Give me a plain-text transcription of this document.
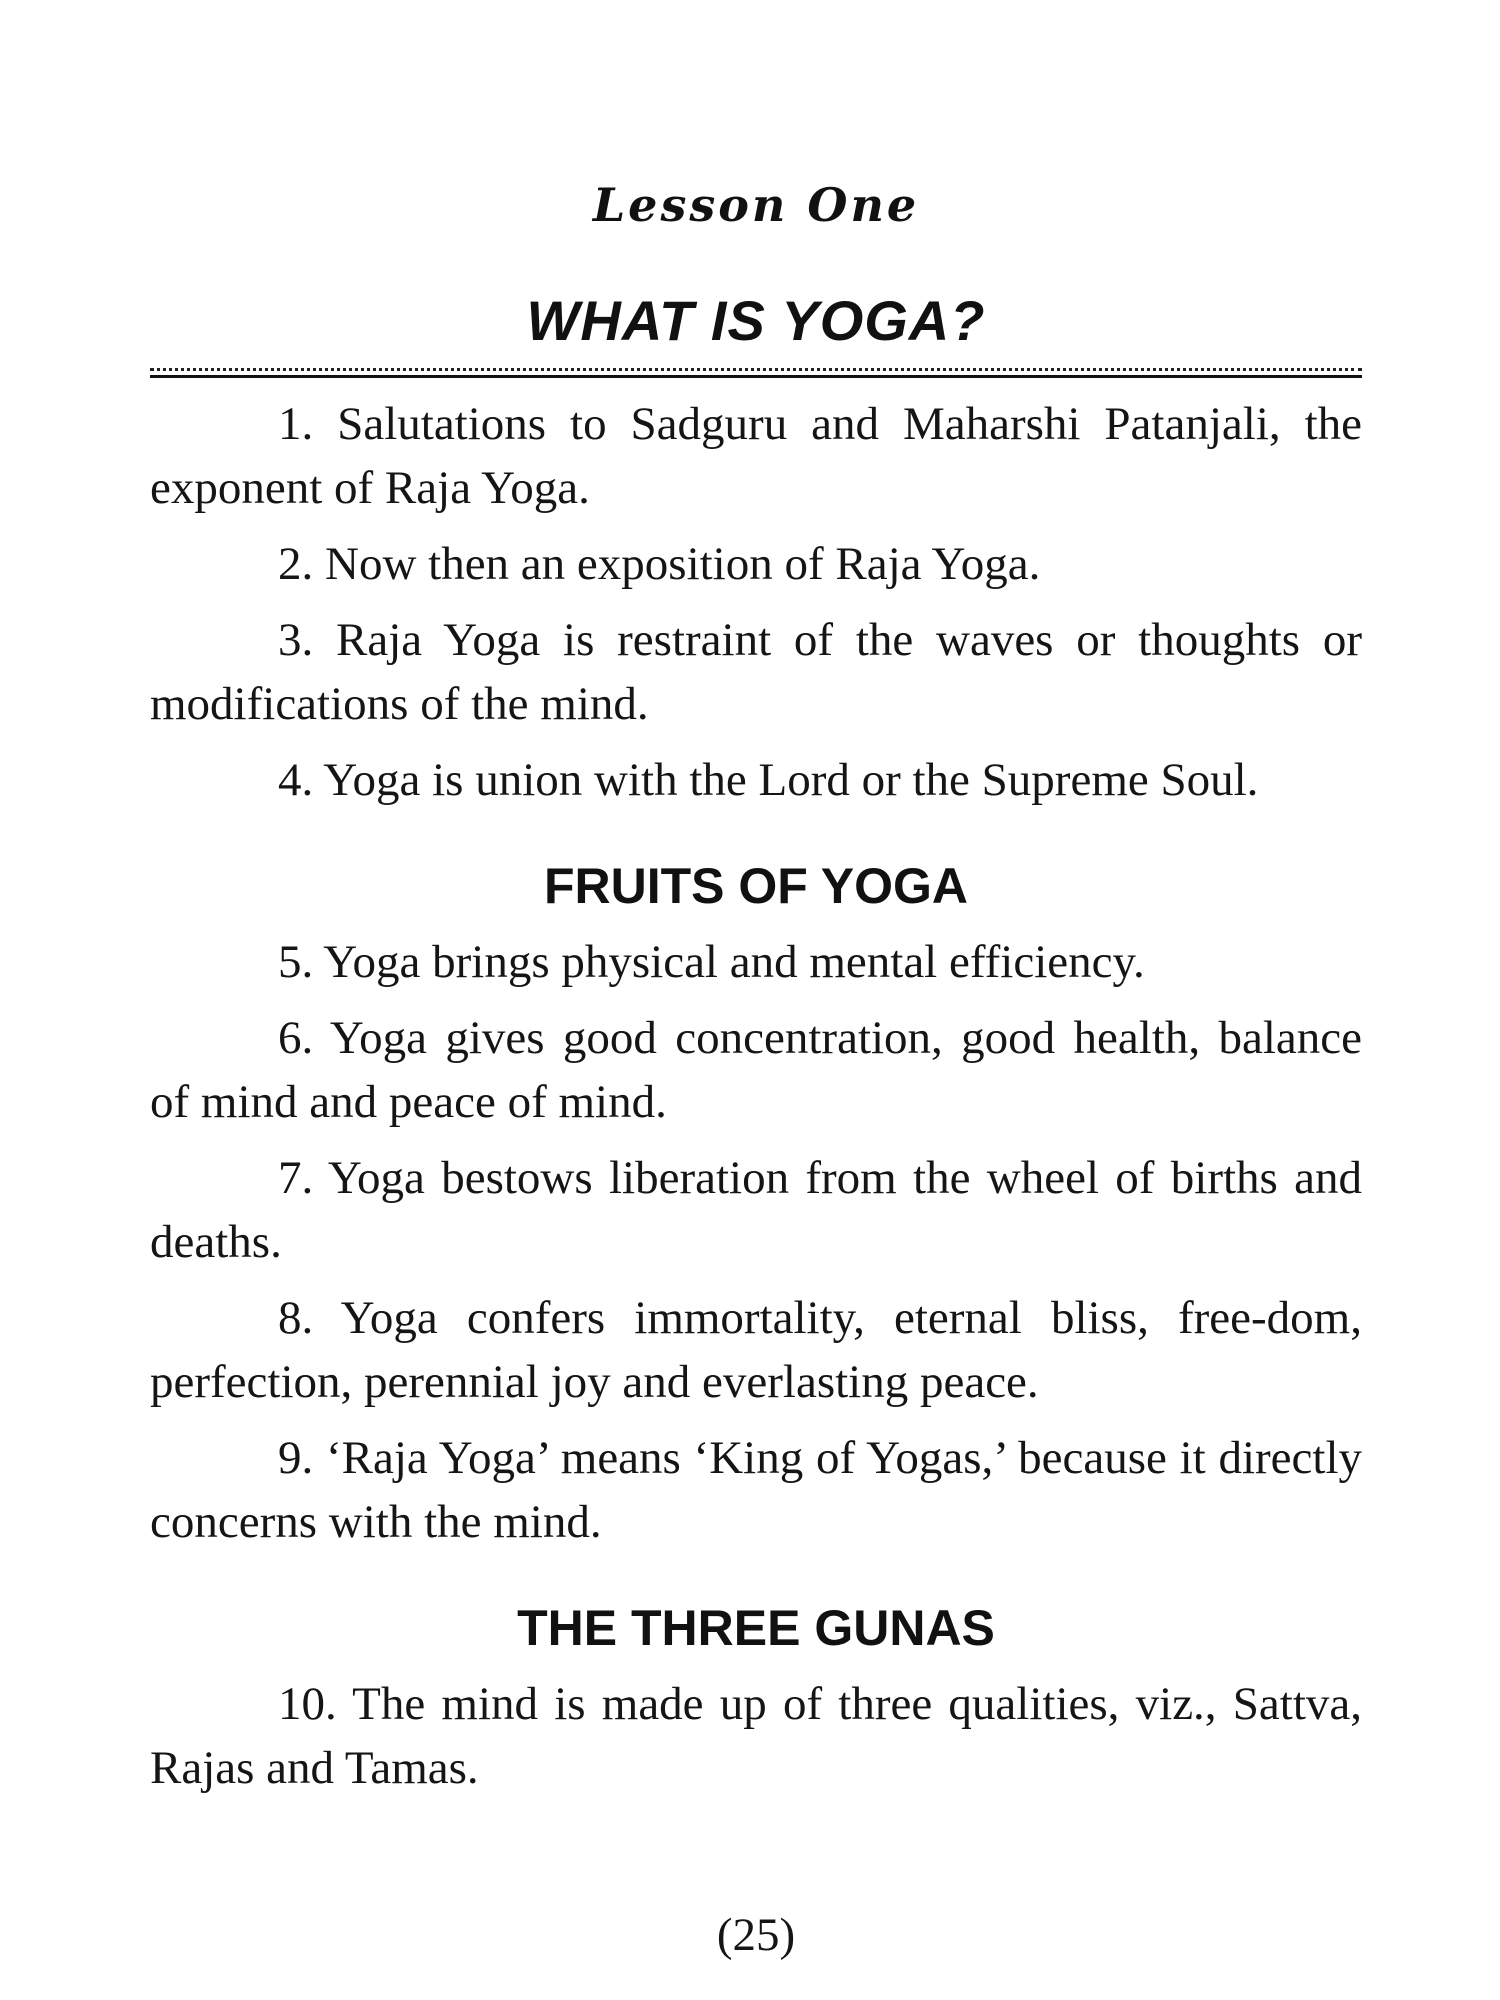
Lesson One
WHAT IS YOGA?

1. Salutations to Sadguru and Maharshi Patanjali, the exponent of Raja Yoga.

2. Now then an exposition of Raja Yoga.

3. Raja Yoga is restraint of the waves or thoughts or modifications of the mind.

4. Yoga is union with the Lord or the Supreme Soul.

FRUITS OF YOGA

5. Yoga brings physical and mental efficiency.

6. Yoga gives good concentration, good health, balance of mind and peace of mind.

7. Yoga bestows liberation from the wheel of births and deaths.

8. Yoga confers immortality, eternal bliss, free-dom, perfection, perennial joy and everlasting peace.

9. ‘Raja Yoga’ means ‘King of Yogas,’ because it directly concerns with the mind.

THE THREE GUNAS

10. The mind is made up of three qualities, viz., Sattva, Rajas and Tamas.

(25)
